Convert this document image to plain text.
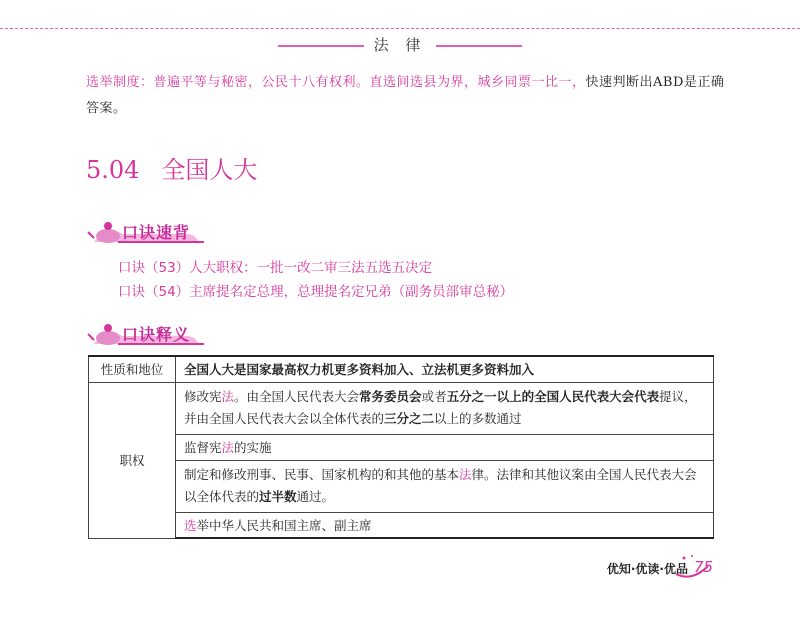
法 律
选举制度：普遍平等与秘密，公民十八有权利。直选间选县为界，城乡同票一比一，快速判断出ABD是正确答案。
5.04 全国人大
口诀速背
口诀（53）人大职权：一批一改二审三法五选五决定
口诀（54）主席提名定总理，总理提名定兄弟（副务员部审总秘）
口诀释义
性质和地位	全国人大是国家最高权力机更多资料加入、立法机更多资料加入
职权	修改宪法。由全国人民代表大会常务委员会或者五分之一以上的全国人民代表大会代表提议，并由全国人民代表大会以全体代表的三分之二以上的多数通过

	监督宪法的实施

	制定和修改刑事、民事、国家机构的和其他的基本法律。法律和其他议案由全国人民代表大会以全体代表的过半数通过。

	选举中华人民共和国主席、副主席
优知·优读·优品 75
